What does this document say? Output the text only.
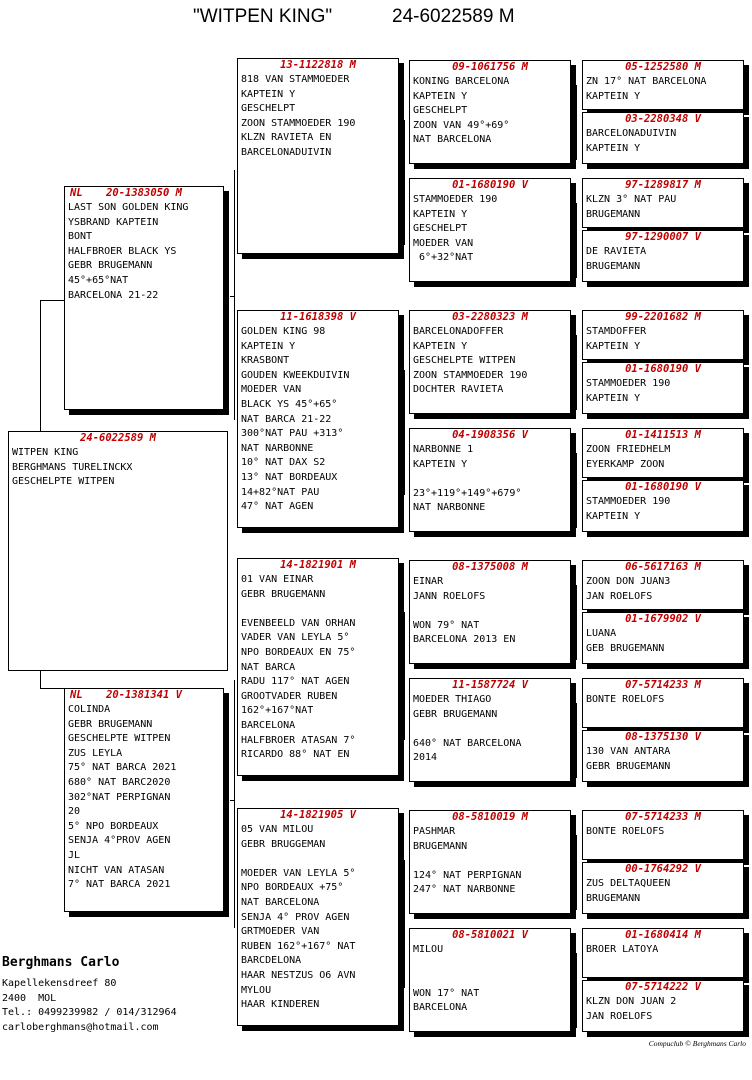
"WITPEN KING"	24-6022589 M
24-6022589 M
WITPEN KING
BERGHMANS TURELINCKX
GESCHELPTE WITPEN
NL 20-1383050 M
LAST SON GOLDEN KING
YSBRAND KAPTEIN
BONT
HALFBROER BLACK YS
GEBR BRUGEMANN
45°+65°NAT
BARCELONA 21-22
NL 20-1381341 V
COLINDA
GEBR BRUGEMANN
GESCHELPTE WITPEN
ZUS LEYLA
75° NAT BARCA 2021
680° NAT BARC2020
302°NAT PERPIGNAN
20
5° NPO BORDEAUX
SENJA 4°PROV AGEN
JL
NICHT VAN ATASAN
7° NAT BARCA 2021
13-1122818 M
818 VAN STAMMOEDER
KAPTEIN Y
GESCHELPT
ZOON STAMMOEDER 190
KLZN RAVIETA EN
BARCELONADUIVIN
11-1618398 V
GOLDEN KING 98
KAPTEIN Y
KRASBONT
GOUDEN KWEEKDUIVIN
MOEDER VAN
BLACK YS 45°+65°
NAT BARCA 21-22
300°NAT PAU +313°
NAT NARBONNE
10° NAT DAX S2
13° NAT BORDEAUX
14+82°NAT PAU
47° NAT AGEN
14-1821901 M
01 VAN EINAR
GEBR BRUGEMANN
EVENBEELD VAN ORHAN
VADER VAN LEYLA 5°
NPO BORDEAUX EN 75°
NAT BARCA
RADU 117° NAT AGEN
GROOTVADER RUBEN
162°+167°NAT
BARCELONA
HALFBROER ATASAN 7°
RICARDO 88° NAT EN
14-1821905 V
05 VAN MILOU
GEBR BRUGGEMAN
MOEDER VAN LEYLA 5°
NPO BORDEAUX +75°
NAT BARCELONA
SENJA 4° PROV AGEN
GRTMOEDER VAN
RUBEN 162°+167° NAT
BARCDELONA
HAAR NESTZUS O6 AVN
MYLOU
HAAR KINDEREN
09-1061756 M
KONING BARCELONA
KAPTEIN Y
GESCHELPT
ZOON VAN 49°+69°
NAT BARCELONA
01-1680190 V
STAMMOEDER 190
KAPTEIN Y
GESCHELPT
MOEDER VAN
6°+32°NAT
03-2280323 M
BARCELONADOFFER
KAPTEIN Y
GESCHELPTE WITPEN
ZOON STAMMOEDER 190
DOCHTER RAVIETA
04-1908356 V
NARBONNE 1
KAPTEIN Y
23°+119°+149°+679°
NAT NARBONNE
08-1375008 M
EINAR
JANN ROELOFS
WON 79° NAT
BARCELONA 2013 EN
11-1587724 V
MOEDER THIAGO
GEBR BRUGEMANN
640° NAT BARCELONA
2014
08-5810019 M
PASHMAR
BRUGEMANN
124° NAT PERPIGNAN
247° NAT NARBONNE
08-5810021 V
MILOU
WON 17° NAT
BARCELONA
05-1252580 M
ZN 17° NAT BARCELONA
KAPTEIN Y
03-2280348 V
BARCELONADUIVIN
KAPTEIN Y
97-1289817 M
KLZN 3° NAT PAU
BRUGEMANN
97-1290007 V
DE RAVIETA
BRUGEMANN
99-2201682 M
STAMDOFFER
KAPTEIN Y
01-1680190 V
STAMMOEDER 190
KAPTEIN Y
01-1411513 M
ZOON FRIEDHELM
EYERKAMP ZOON
01-1680190 V
STAMMOEDER 190
KAPTEIN Y
06-5617163 M
ZOON DON JUAN3
JAN ROELOFS
01-1679902 V
LUANA
GEB BRUGEMANN
07-5714233 M
BONTE ROELOFS
08-1375130 V
130 VAN ANTARA
GEBR BRUGEMANN
07-5714233 M
BONTE ROELOFS
00-1764292 V
ZUS DELTAQUEEN
BRUGEMANN
01-1680414 M
BROER LATOYA
07-5714222 V
KLZN DON JUAN 2
JAN ROELOFS
Berghmans Carlo
Kapellekensdreef 80
2400  MOL
Tel.: 0499239982 / 014/312964
carloberghmans@hotmail.com
Compuclub © Berghmans Carlo
